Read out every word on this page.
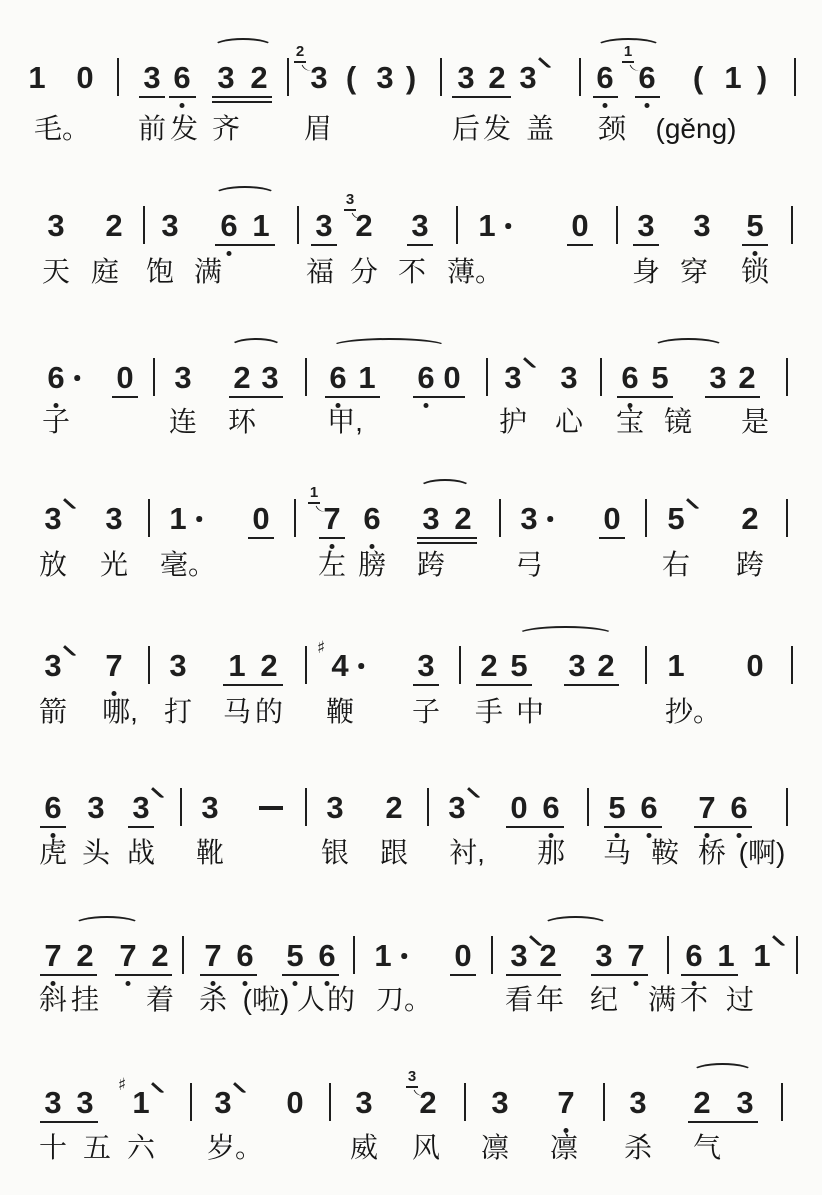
1 0 3 6 3 2
2
3 ( 3 ) 3 2 3 6
1
6 ( 1 )
毛。 前 发 齐 眉	后 发 盖 颈 (gěng)
3 2 3 6 1 3
3
2 3 1 0 3 3 5
天 庭 饱 满	福 分 不 薄。	身 穿 锁
6 0 3 2 3 6 1 6 0 3 3 6 5 3 2
子	连 环	甲,	护 心 宝 镜 是
3 3 1 0
1
7 6 3 2 3 0 5 2
放 光 毫。	左 膀 跨 弓	右 跨
3 7 3 1 2 4
♯	3 2 5 3 2 1 0
箭 哪, 打 马 的 鞭 子 手 中	抄。
6 3 3 3	3 2 3 0 6 5 6 7 6
虎 头 战 靴	银 跟 衬, 那 马 鞍 桥 (啊)
7 2 7 2 7 6 5 6 1 0 3 2 3 7 6 1 1
斜 挂 着 杀 (啦) 人 的 刀。	看 年 纪 满 不 过
3 3 1
♯	3 0 3
3
2 3 7 3 2 3
十 五 六 岁。	威 风 凛 凛 杀 气
